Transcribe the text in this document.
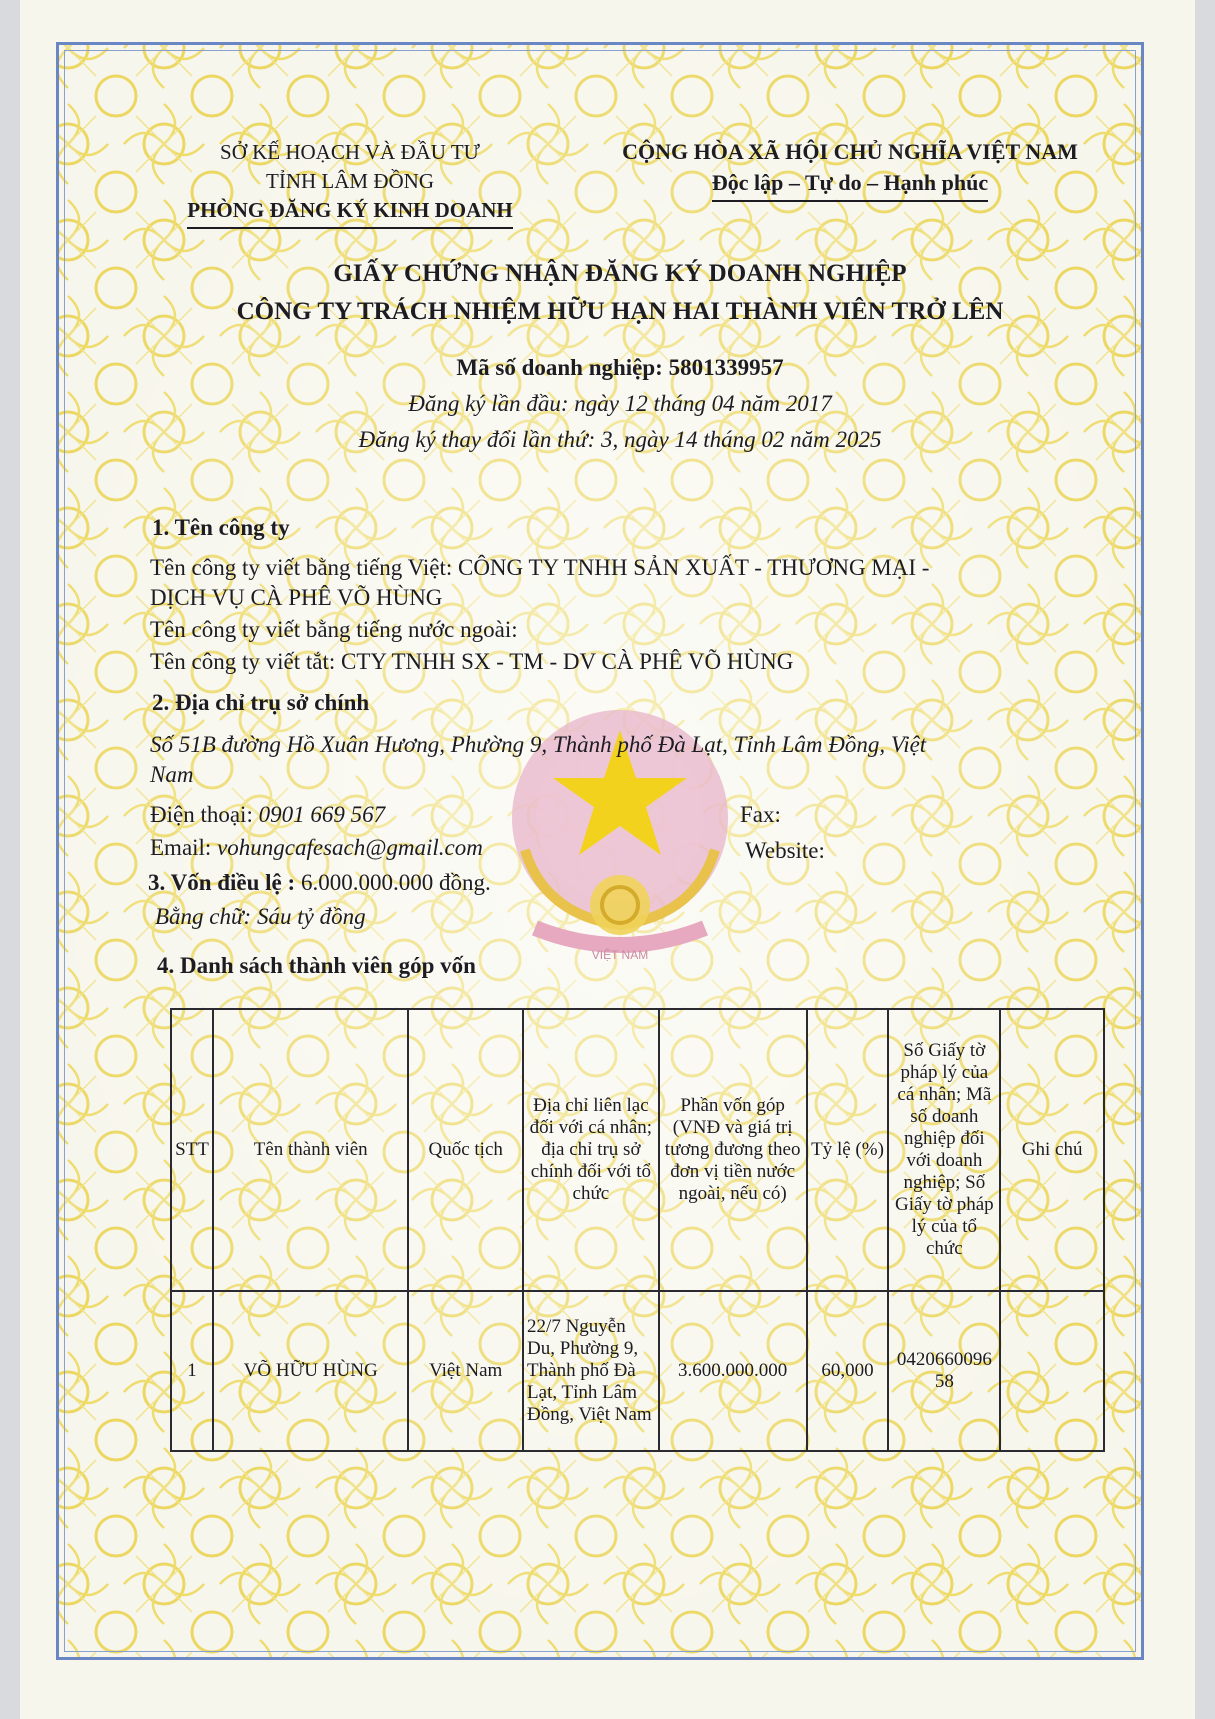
VIỆT NAM
SỞ KẾ HOẠCH VÀ ĐẦU TƯ
TỈNH LÂM ĐỒNG
PHÒNG ĐĂNG KÝ KINH DOANH
CỘNG HÒA XÃ HỘI CHỦ NGHĨA VIỆT NAM
Độc lập – Tự do – Hạnh phúc
GIẤY CHỨNG NHẬN ĐĂNG KÝ DOANH NGHIỆP
CÔNG TY TRÁCH NHIỆM HỮU HẠN HAI THÀNH VIÊN TRỞ LÊN
Mã số doanh nghiệp: 5801339957
Đăng ký lần đầu: ngày 12 tháng 04 năm 2017
Đăng ký thay đổi lần thứ: 3, ngày 14 tháng 02 năm 2025
1. Tên công ty
Tên công ty viết bằng tiếng Việt: CÔNG TY TNHH SẢN XUẤT - THƯƠNG MẠI -
DỊCH VỤ CÀ PHÊ VÕ HÙNG
Tên công ty viết bằng tiếng nước ngoài:
Tên công ty viết tắt: CTY TNHH SX - TM - DV CÀ PHÊ VÕ HÙNG
2. Địa chỉ trụ sở chính
Số 51B đường Hồ Xuân Hương, Phường 9, Thành phố Đà Lạt, Tỉnh Lâm Đồng, Việt
Nam
Điện thoại: 0901 669 567	Fax:
Email: vohungcafesach@gmail.com	Website:
3. Vốn điều lệ : 6.000.000.000 đồng.
Bằng chữ: Sáu tỷ đồng
4. Danh sách thành viên góp vốn
STT	Tên thành viên	Quốc tịch	Địa chỉ liên lạc đối với cá nhân; địa chỉ trụ sở chính đối với tổ chức	Phần vốn góp (VNĐ và giá trị tương đương theo đơn vị tiền nước ngoài, nếu có)	Tỷ lệ (%)	Số Giấy tờ pháp lý của cá nhân; Mã số doanh nghiệp đối với doanh nghiệp; Số Giấy tờ pháp lý của tổ chức	Ghi chú
1	VÕ HỮU HÙNG	Việt Nam	22/7 Nguyễn Du, Phường 9, Thành phố Đà Lạt, Tỉnh Lâm Đồng, Việt Nam	3.600.000.000	60,000	042066009658	
